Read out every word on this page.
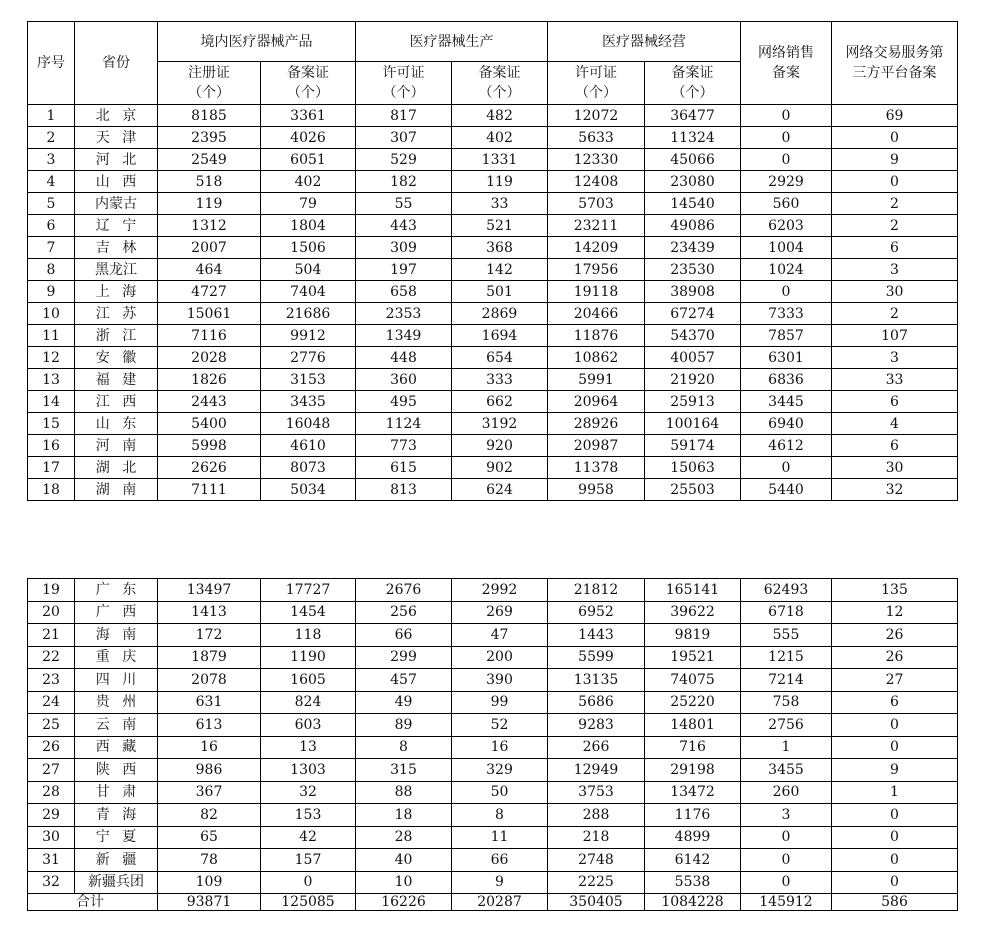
序号	省份	境内医疗器械产品		医疗器械生产		医疗器械经营		网络销售备案	网络交易服务第三方平台备案
		注册证（个）	备案证（个）	许可证（个）	备案证（个）	许可证（个）	备案证（个）		
1	北京	8185	3361	817	482	12072	36477	0	69
2	天津	2395	4026	307	402	5633	11324	0	0
3	河北	2549	6051	529	1331	12330	45066	0	9
4	山西	518	402	182	119	12408	23080	2929	0
5	内蒙古	119	79	55	33	5703	14540	560	2
6	辽宁	1312	1804	443	521	23211	49086	6203	2
7	吉林	2007	1506	309	368	14209	23439	1004	6
8	黑龙江	464	504	197	142	17956	23530	1024	3
9	上海	4727	7404	658	501	19118	38908	0	30
10	江苏	15061	21686	2353	2869	20466	67274	7333	2
11	浙江	7116	9912	1349	1694	11876	54370	7857	107
12	安徽	2028	2776	448	654	10862	40057	6301	3
13	福建	1826	3153	360	333	5991	21920	6836	33
14	江西	2443	3435	495	662	20964	25913	3445	6
15	山东	5400	16048	1124	3192	28926	100164	6940	4
16	河南	5998	4610	773	920	20987	59174	4612	6
17	湖北	2626	8073	615	902	11378	15063	0	30
18	湖南	7111	5034	813	624	9958	25503	5440	32
19	广东	13497	17727	2676	2992	21812	165141	62493	135
20	广西	1413	1454	256	269	6952	39622	6718	12
21	海南	172	118	66	47	1443	9819	555	26
22	重庆	1879	1190	299	200	5599	19521	1215	26
23	四川	2078	1605	457	390	13135	74075	7214	27
24	贵州	631	824	49	99	5686	25220	758	6
25	云南	613	603	89	52	9283	14801	2756	0
26	西藏	16	13	8	16	266	716	1	0
27	陕西	986	1303	315	329	12949	29198	3455	9
28	甘肃	367	32	88	50	3753	13472	260	1
29	青海	82	153	18	8	288	1176	3	0
30	宁夏	65	42	28	11	218	4899	0	0
31	新疆	78	157	40	66	2748	6142	0	0
32	新疆兵团	109	0	10	9	2225	5538	0	0
合计		93871	125085	16226	20287	350405	1084228	145912	586
